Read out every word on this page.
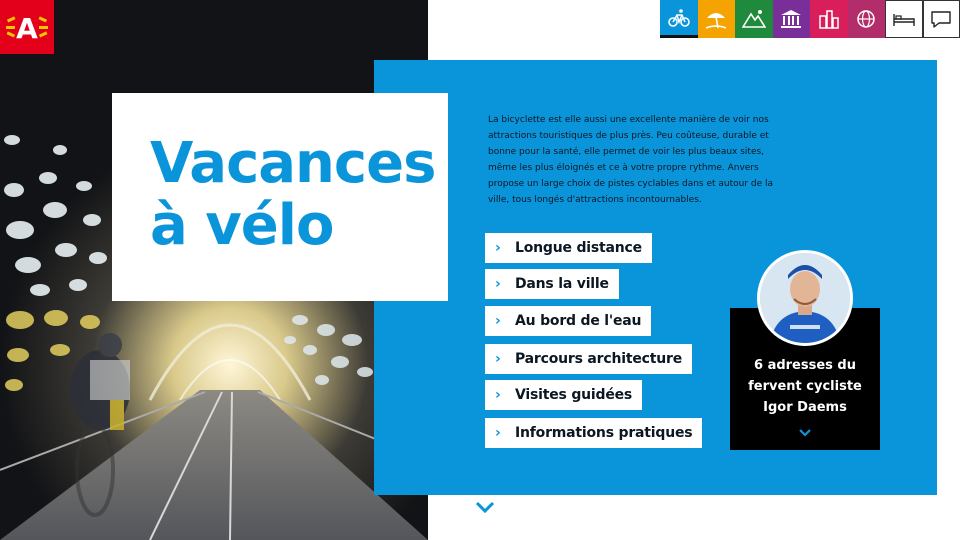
A
Vacances
à vélo

La bicyclette est elle aussi une excellente manière de voir nos attractions touristiques de plus près. Peu coûteuse, durable et bonne pour la santé, elle permet de voir les plus beaux sites, même les plus éloignés et ce à votre propre rythme. Anvers propose un large choix de pistes cyclables dans et autour de la ville, tous longés d'attractions incontournables.

›	Longue distance
›	Dans la ville
›	Au bord de l'eau
›	Parcours architecture
›	Visites guidées
›	Informations pratiques
6 adresses du
fervent cycliste
Igor Daems
